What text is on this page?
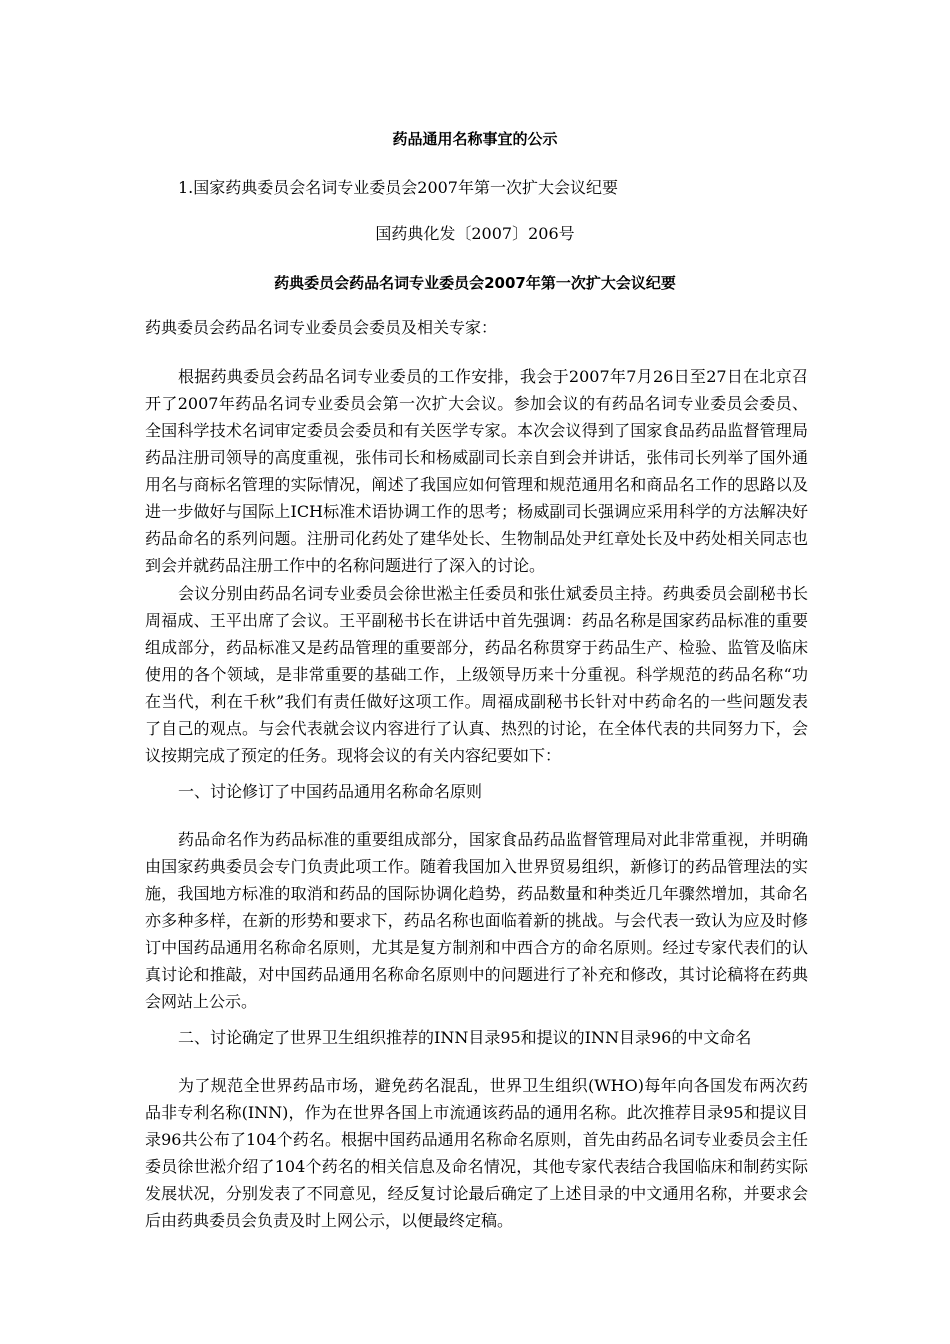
药品通用名称事宜的公示

1.国家药典委员会名词专业委员会2007年第一次扩大会议纪要

国药典化发〔2007〕206号

药典委员会药品名词专业委员会2007年第一次扩大会议纪要

药典委员会药品名词专业委员会委员及相关专家：

根据药典委员会药品名词专业委员的工作安排，我会于2007年7月26日至27日在北京召开了2007年药品名词专业委员会第一次扩大会议。参加会议的有药品名词专业委员会委员、全国科学技术名词审定委员会委员和有关医学专家。本次会议得到了国家食品药品监督管理局药品注册司领导的高度重视，张伟司长和杨威副司长亲自到会并讲话，张伟司长列举了国外通用名与商标名管理的实际情况，阐述了我国应如何管理和规范通用名和商品名工作的思路以及进一步做好与国际上ICH标准术语协调工作的思考；杨威副司长强调应采用科学的方法解决好药品命名的系列问题。注册司化药处了建华处长、生物制品处尹红章处长及中药处相关同志也到会并就药品注册工作中的名称问题进行了深入的讨论。

会议分别由药品名词专业委员会徐世淞主任委员和张仕斌委员主持。药典委员会副秘书长周福成、王平出席了会议。王平副秘书长在讲话中首先强调：药品名称是国家药品标准的重要组成部分，药品标准又是药品管理的重要部分，药品名称贯穿于药品生产、检验、监管及临床使用的各个领域，是非常重要的基础工作，上级领导历来十分重视。科学规范的药品名称“功在当代，利在千秋”我们有责任做好这项工作。周福成副秘书长针对中药命名的一些问题发表了自己的观点。与会代表就会议内容进行了认真、热烈的讨论，在全体代表的共同努力下，会议按期完成了预定的任务。现将会议的有关内容纪要如下：

一、讨论修订了中国药品通用名称命名原则

药品命名作为药品标准的重要组成部分，国家食品药品监督管理局对此非常重视，并明确由国家药典委员会专门负责此项工作。随着我国加入世界贸易组织，新修订的药品管理法的实施，我国地方标准的取消和药品的国际协调化趋势，药品数量和种类近几年骤然增加，其命名亦多种多样，在新的形势和要求下，药品名称也面临着新的挑战。与会代表一致认为应及时修订中国药品通用名称命名原则，尤其是复方制剂和中西合方的命名原则。经过专家代表们的认真讨论和推敲，对中国药品通用名称命名原则中的问题进行了补充和修改，其讨论稿将在药典会网站上公示。

二、讨论确定了世界卫生组织推荐的INN目录95和提议的INN目录96的中文命名

为了规范全世界药品市场，避免药名混乱，世界卫生组织(WHO)每年向各国发布两次药品非专利名称(INN)，作为在世界各国上市流通该药品的通用名称。此次推荐目录95和提议目录96共公布了104个药名。根据中国药品通用名称命名原则，首先由药品名词专业委员会主任委员徐世淞介绍了104个药名的相关信息及命名情况，其他专家代表结合我国临床和制药实际发展状况，分别发表了不同意见，经反复讨论最后确定了上述目录的中文通用名称，并要求会后由药典委员会负责及时上网公示，以便最终定稿。
